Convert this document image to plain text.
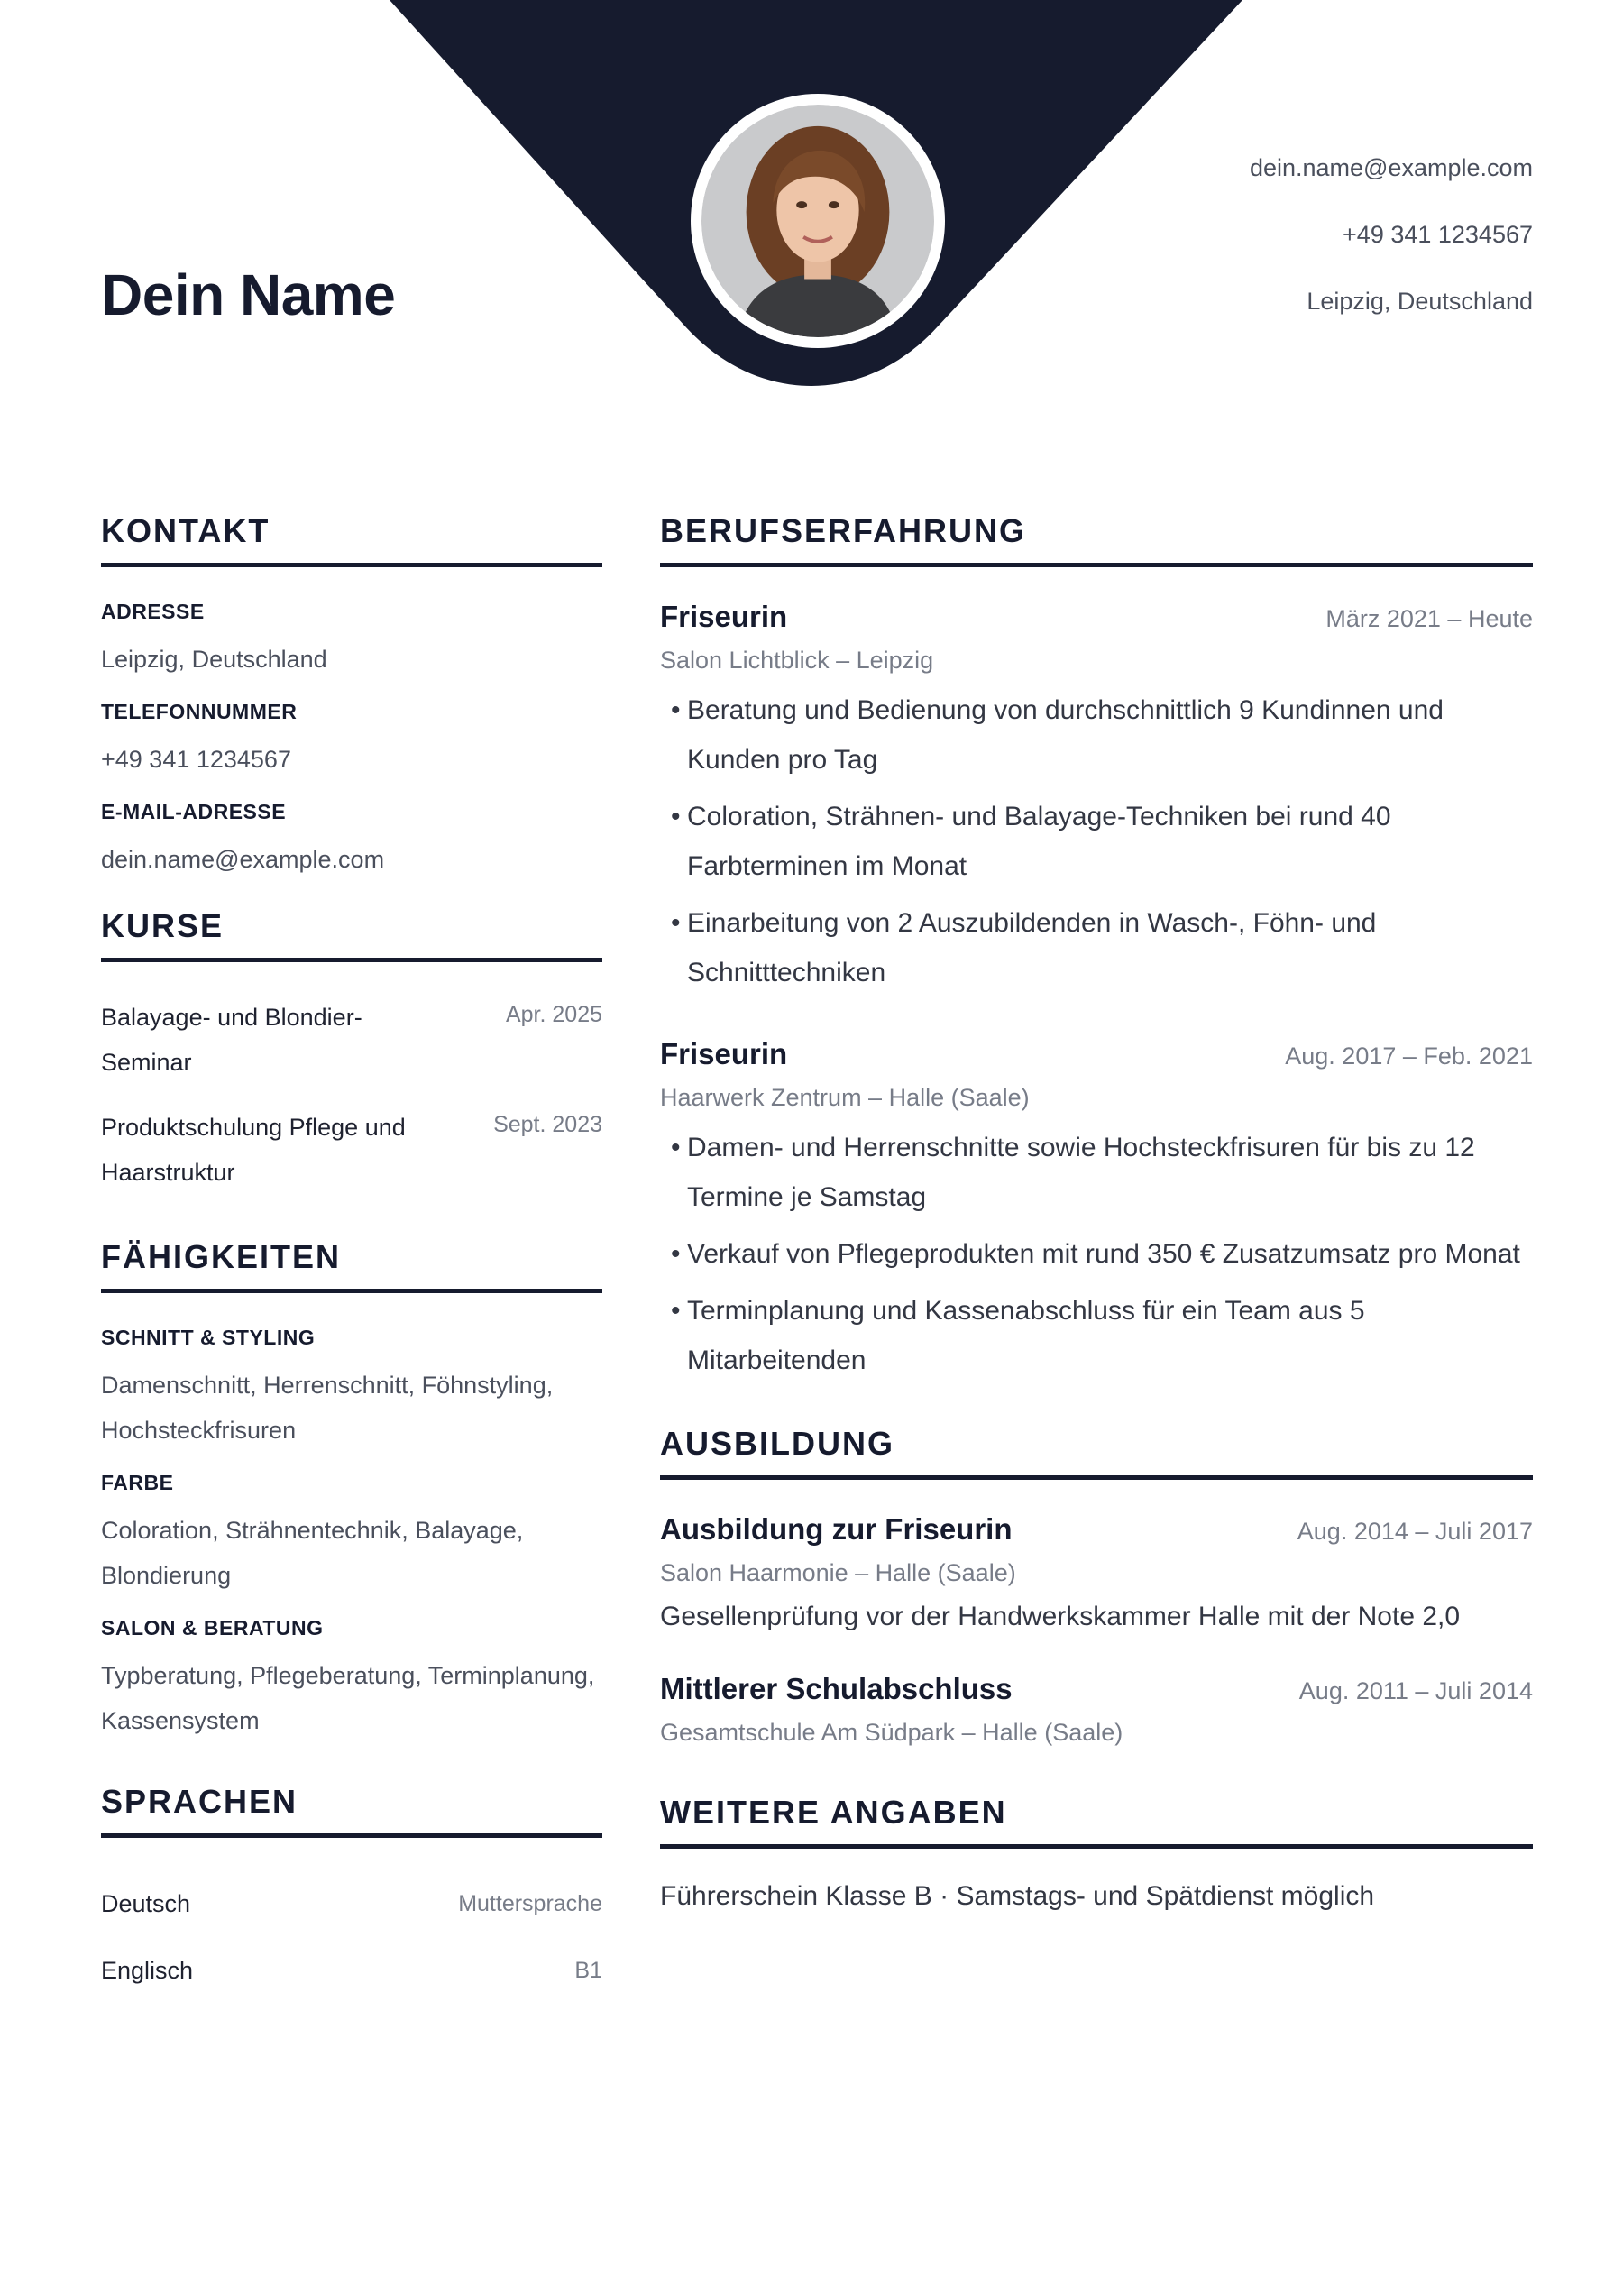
Dein Name
dein.name@example.com
+49 341 1234567
Leipzig, Deutschland
KONTAKT
ADRESSE
Leipzig, Deutschland
TELEFONNUMMER
+49 341 1234567
E-MAIL-ADRESSE
dein.name@example.com
KURSE
Balayage- und Blondier-Seminar
Apr. 2025
Produktschulung Pflege und Haarstruktur
Sept. 2023
FÄHIGKEITEN
SCHNITT & STYLING
Damenschnitt, Herrenschnitt, Föhnstyling, Hochsteckfrisuren
FARBE
Coloration, Strähnentechnik, Balayage, Blondierung
SALON & BERATUNG
Typberatung, Pflegeberatung, Terminplanung, Kassensystem
SPRACHEN
Deutsch	Muttersprache
Englisch	B1
BERUFSERFAHRUNG
Friseurin	März 2021 – Heute
Salon Lichtblick – Leipzig
• Beratung und Bedienung von durchschnittlich 9 Kundinnen und Kunden pro Tag
• Coloration, Strähnen- und Balayage-Techniken bei rund 40 Farbterminen im Monat
• Einarbeitung von 2 Auszubildenden in Wasch-, Föhn- und Schnitttechniken
Friseurin	Aug. 2017 – Feb. 2021
Haarwerk Zentrum – Halle (Saale)
• Damen- und Herrenschnitte sowie Hochsteckfrisuren für bis zu 12 Termine je Samstag
• Verkauf von Pflegeprodukten mit rund 350 € Zusatzumsatz pro Monat
• Terminplanung und Kassenabschluss für ein Team aus 5 Mitarbeitenden
AUSBILDUNG
Ausbildung zur Friseurin	Aug. 2014 – Juli 2017
Salon Haarmonie – Halle (Saale)
Gesellenprüfung vor der Handwerkskammer Halle mit der Note 2,0
Mittlerer Schulabschluss	Aug. 2011 – Juli 2014
Gesamtschule Am Südpark – Halle (Saale)
WEITERE ANGABEN
Führerschein Klasse B · Samstags- und Spätdienst möglich
